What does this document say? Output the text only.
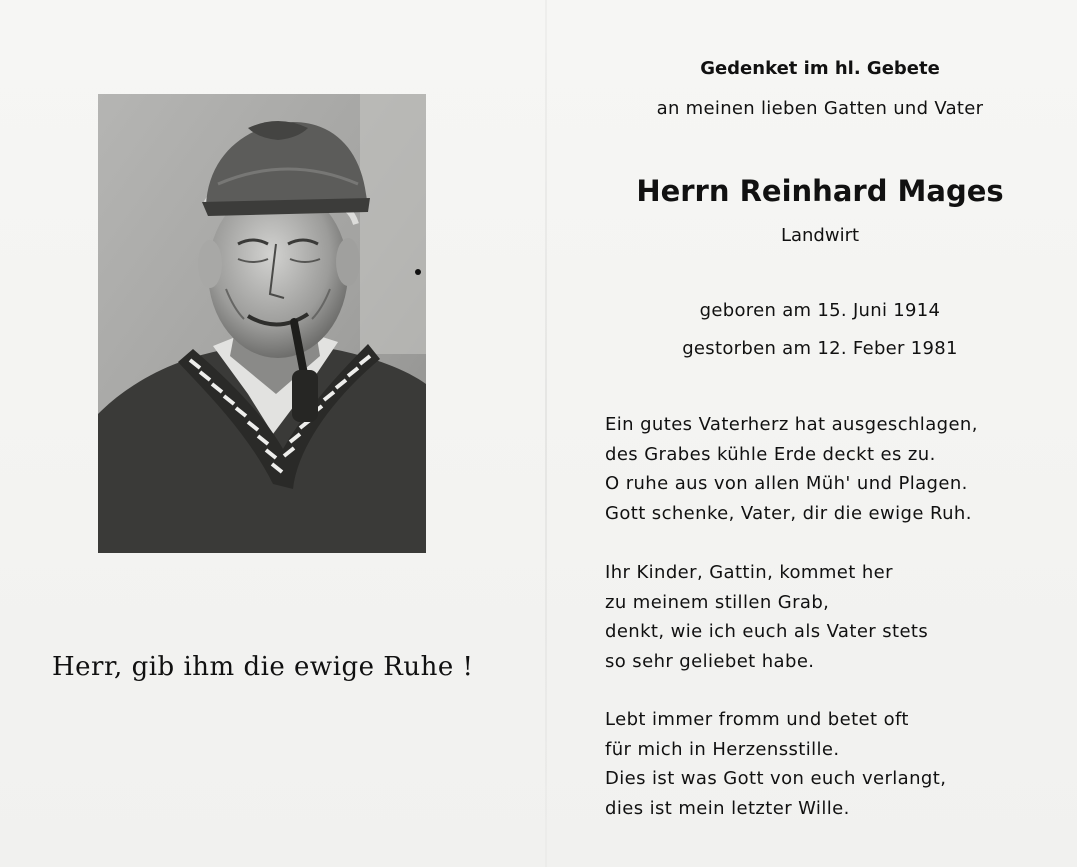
Herr, gib ihm die ewige Ruhe !
Gedenket im hl. Gebete
an meinen lieben Gatten und Vater
Herrn Reinhard Mages
Landwirt
geboren am 15. Juni 1914
gestorben am 12. Feber 1981
Ein gutes Vaterherz hat ausgeschlagen,
des Grabes kühle Erde deckt es zu.
O ruhe aus von allen Müh' und Plagen.
Gott schenke, Vater, dir die ewige Ruh.
Ihr Kinder, Gattin, kommet her
zu meinem stillen Grab,
denkt, wie ich euch als Vater stets
so sehr geliebet habe.
Lebt immer fromm und betet oft
für mich in Herzensstille.
Dies ist was Gott von euch verlangt,
dies ist mein letzter Wille.
